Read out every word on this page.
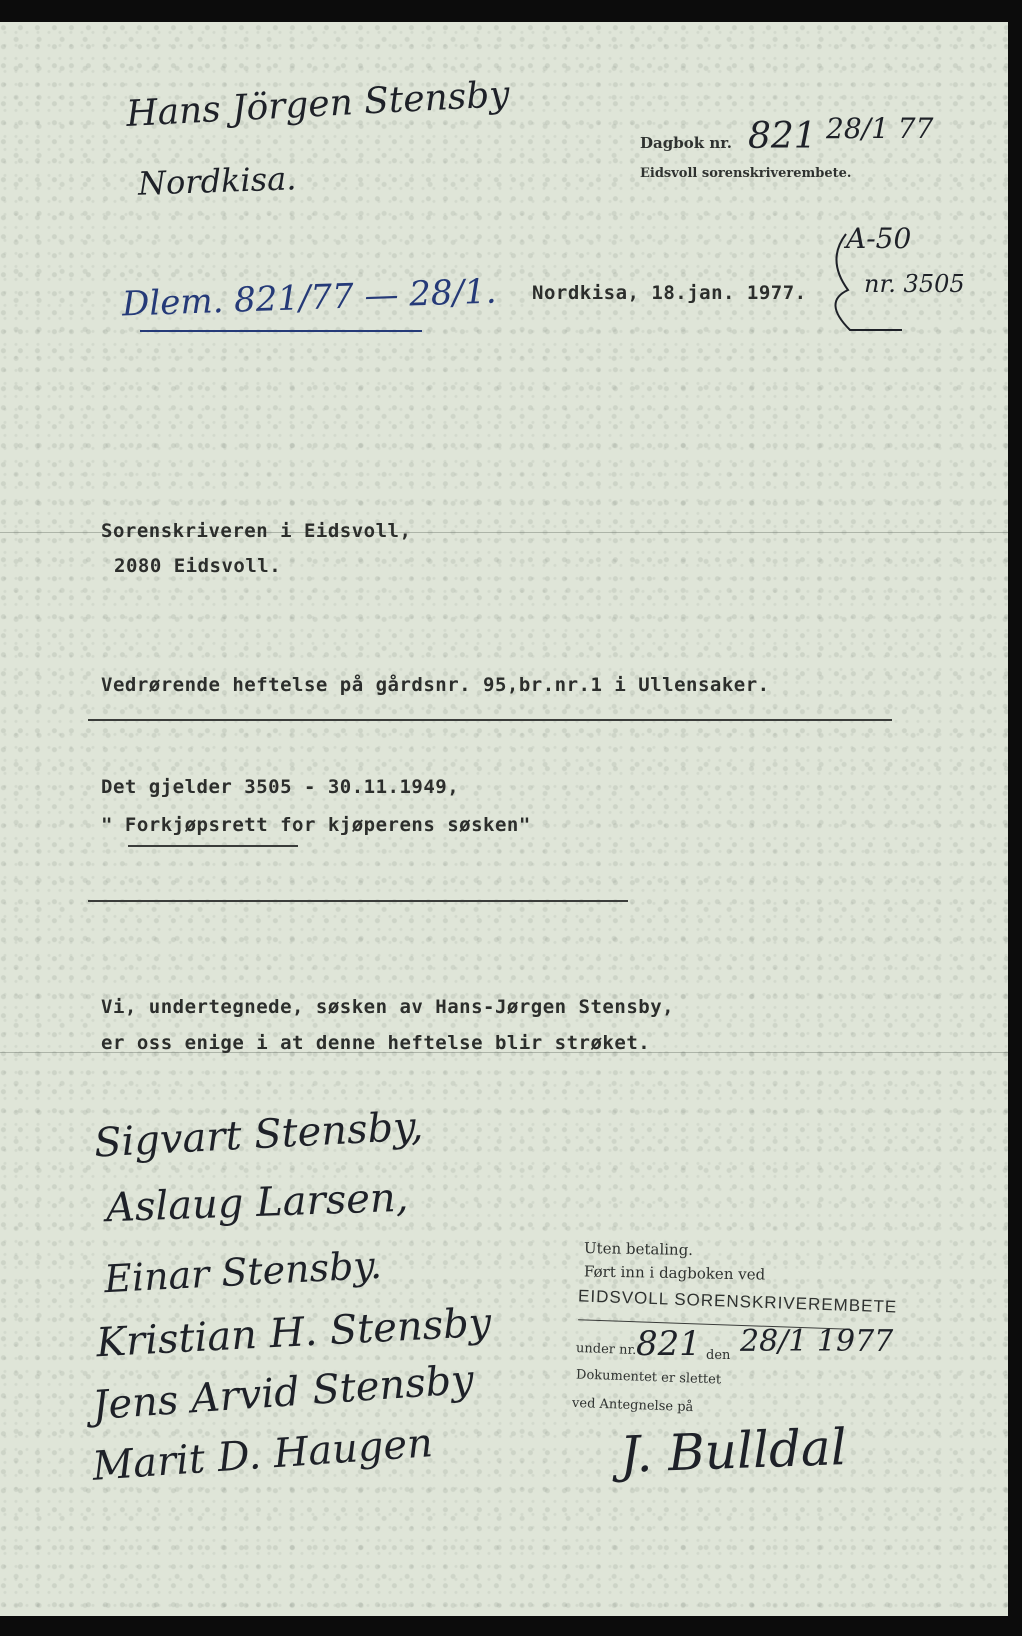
Hans Jörgen Stensby
Nordkisa.
Dagbok nr. 821 28/1 77
Eidsvoll sorenskriverembete.
A-50
nr. 3505
Dlem. 821/77 — 28/1. Nordkisa, 18.jan. 1977.
Sorenskriveren i Eidsvoll,
2080 Eidsvoll.
Vedrørende heftelse på gårdsnr. 95,br.nr.1 i Ullensaker.
Det gjelder 3505 - 30.11.1949,
" Forkjøpsrett for kjøperens søsken"
Vi, undertegnede, søsken av Hans-Jørgen Stensby,
er oss enige i at denne heftelse blir strøket.
Sigvart Stensby,
Aslaug Larsen,
Einar Stensby.
Kristian H. Stensby
Jens Arvid Stensby
Marit D. Haugen
Uten betaling.
Ført inn i dagboken ved
EIDSVOLL SORENSKRIVEREMBETE
under nr. 821 den 28/1 1977
Dokumentet er slettet
ved Antegnelse på
J. Bulldal
